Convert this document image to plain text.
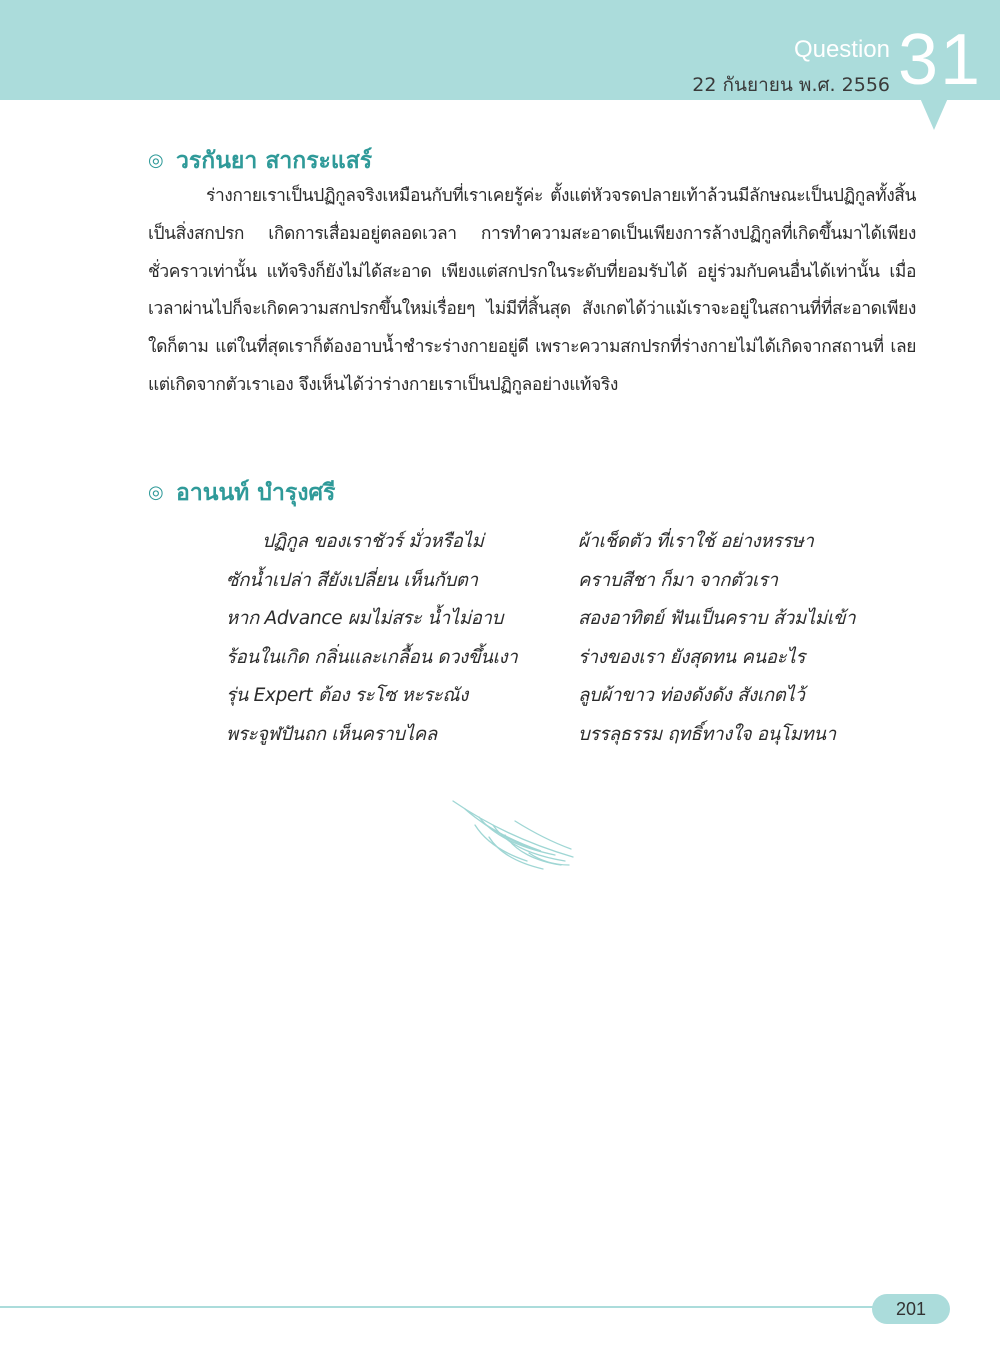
Question
22 กันยายน พ.ศ. 2556 31
◎ วรกันยา สากระแสร์

ร่างกายเราเป็นปฏิกูลจริงเหมือนกับที่เราเคยรู้ค่ะ ตั้งแต่หัวจรดปลายเท้าล้วนมีลักษณะเป็นปฏิกูลทั้งสิ้น เป็นสิ่งสกปรก เกิดการเสื่อมอยู่ตลอดเวลา การทำความสะอาดเป็นเพียงการล้างปฏิกูลที่เกิดขึ้นมาได้เพียงชั่วคราวเท่านั้น แท้จริงก็ยังไม่ได้สะอาด เพียงแต่สกปรกในระดับที่ยอมรับได้ อยู่ร่วมกับคนอื่นได้เท่านั้น เมื่อเวลาผ่านไปก็จะเกิดความสกปรกขึ้นใหม่เรื่อยๆ ไม่มีที่สิ้นสุด สังเกตได้ว่าแม้เราจะอยู่ในสถานที่ที่สะอาดเพียงใดก็ตาม แต่ในที่สุดเราก็ต้องอาบน้ำชำระร่างกายอยู่ดี เพราะความสกปรกที่ร่างกายไม่ได้เกิดจากสถานที่ เลยแต่เกิดจากตัวเราเอง จึงเห็นได้ว่าร่างกายเราเป็นปฏิกูลอย่างแท้จริง

◎ อานนท์ บำรุงศรี
ปฏิกูล ของเราชัวร์ มั่วหรือไม่
ซักน้ำเปล่า สียังเปลี่ยน เห็นกับตา
หาก Advance ผมไม่สระ น้ำไม่อาบ
ร้อนในเกิด กลิ่นและเกลื้อน ดวงขึ้นเงา
รุ่น Expert ต้อง ระโซ หะระณัง
พระจูฬปันถก เห็นคราบไคล
ผ้าเช็ดตัว ที่เราใช้ อย่างหรรษา
คราบสีชา ก็มา จากตัวเรา
สองอาทิตย์ ฟันเป็นคราบ ส้วมไม่เข้า
ร่างของเรา ยังสุดทน คนอะไร
ลูบผ้าขาว ท่องดังดัง สังเกตไว้
บรรลุธรรม ฤทธิ์ทางใจ อนุโมทนา
201
